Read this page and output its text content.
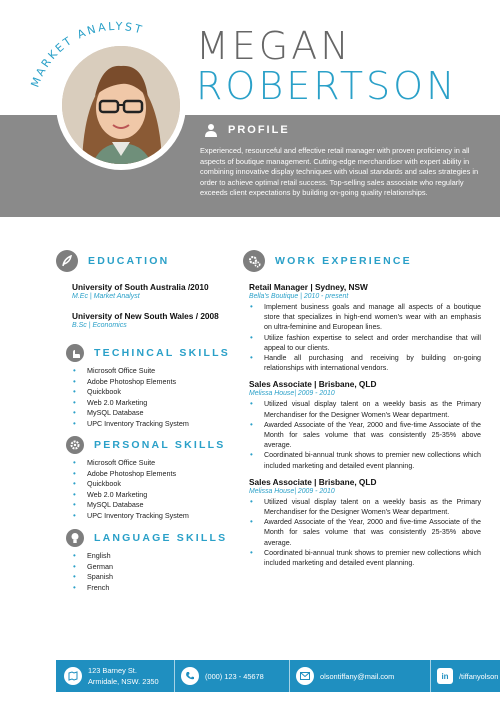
MARKET ANALYST MEGAN
ROBERTSON
PROFILE

Experienced, resourceful and effective retail manager with proven proficiency in all aspects of boutique management. Cutting-edge merchandiser with expert ability in combining innovative display techniques with visual standards and sales strategies in order to achieve optimal retail success. Top-selling sales associate who regularly exceeds client expectations by building on-going quality relationships.

EDUCATION
University of South Australia /2010

M.Ec | Market Analyst

University of New South Wales / 2008

B.Sc | Economics

TECHINCAL SKILLS
• Microsoft Office Suite
• Adobe Photoshop Elements
• Quickbook
• Web 2.0 Marketing
• MySQL Database
• UPC Inventory Tracking System
PERSONAL SKILLS
• Microsoft Office Suite
• Adobe Photoshop Elements
• Quickbook
• Web 2.0 Marketing
• MySQL Database
• UPC Inventory Tracking System
LANGUAGE SKILLS
• English
• German
• Spanish
• French
WORK EXPERIENCE
Retail Manager | Sydney, NSW

Bella's Boutique | 2010 - present

• Implement business goals and manage all aspects of a boutique store that specializes in high-end women's wear with an emphasis on ultra-feminine and European lines.
• Utilize fashion expertise to select and order merchandise that will appeal to our clients.
• Handle all purchasing and receiving by building on-going relationships with international vendors.
Sales Associate | Brisbane, QLD

Melissa House| 2009 - 2010

• Utilized visual display talent on a weekly basis as the Primary Merchandiser for the Designer Women's Wear department.
• Awarded Associate of the Year, 2000 and five-time Associate of the Month for sales volume that was consistently 25-35% above average.
• Coordinated bi-annual trunk shows to premier new collections which included marketing and detailed event planning.
Sales Associate | Brisbane, QLD

Melissa House| 2009 - 2010

• Utilized visual display talent on a weekly basis as the Primary Merchandiser for the Designer Women's Wear department.
• Awarded Associate of the Year, 2000 and five-time Associate of the Month for sales volume that was consistently 25-35% above average.
• Coordinated bi-annual trunk shows to premier new collections which included marketing and detailed event planning.
123 Barney St.
Armidale, NSW. 2350
(000) 123 - 45678	olsontiffany@mail.com	in /tiffanyolson
